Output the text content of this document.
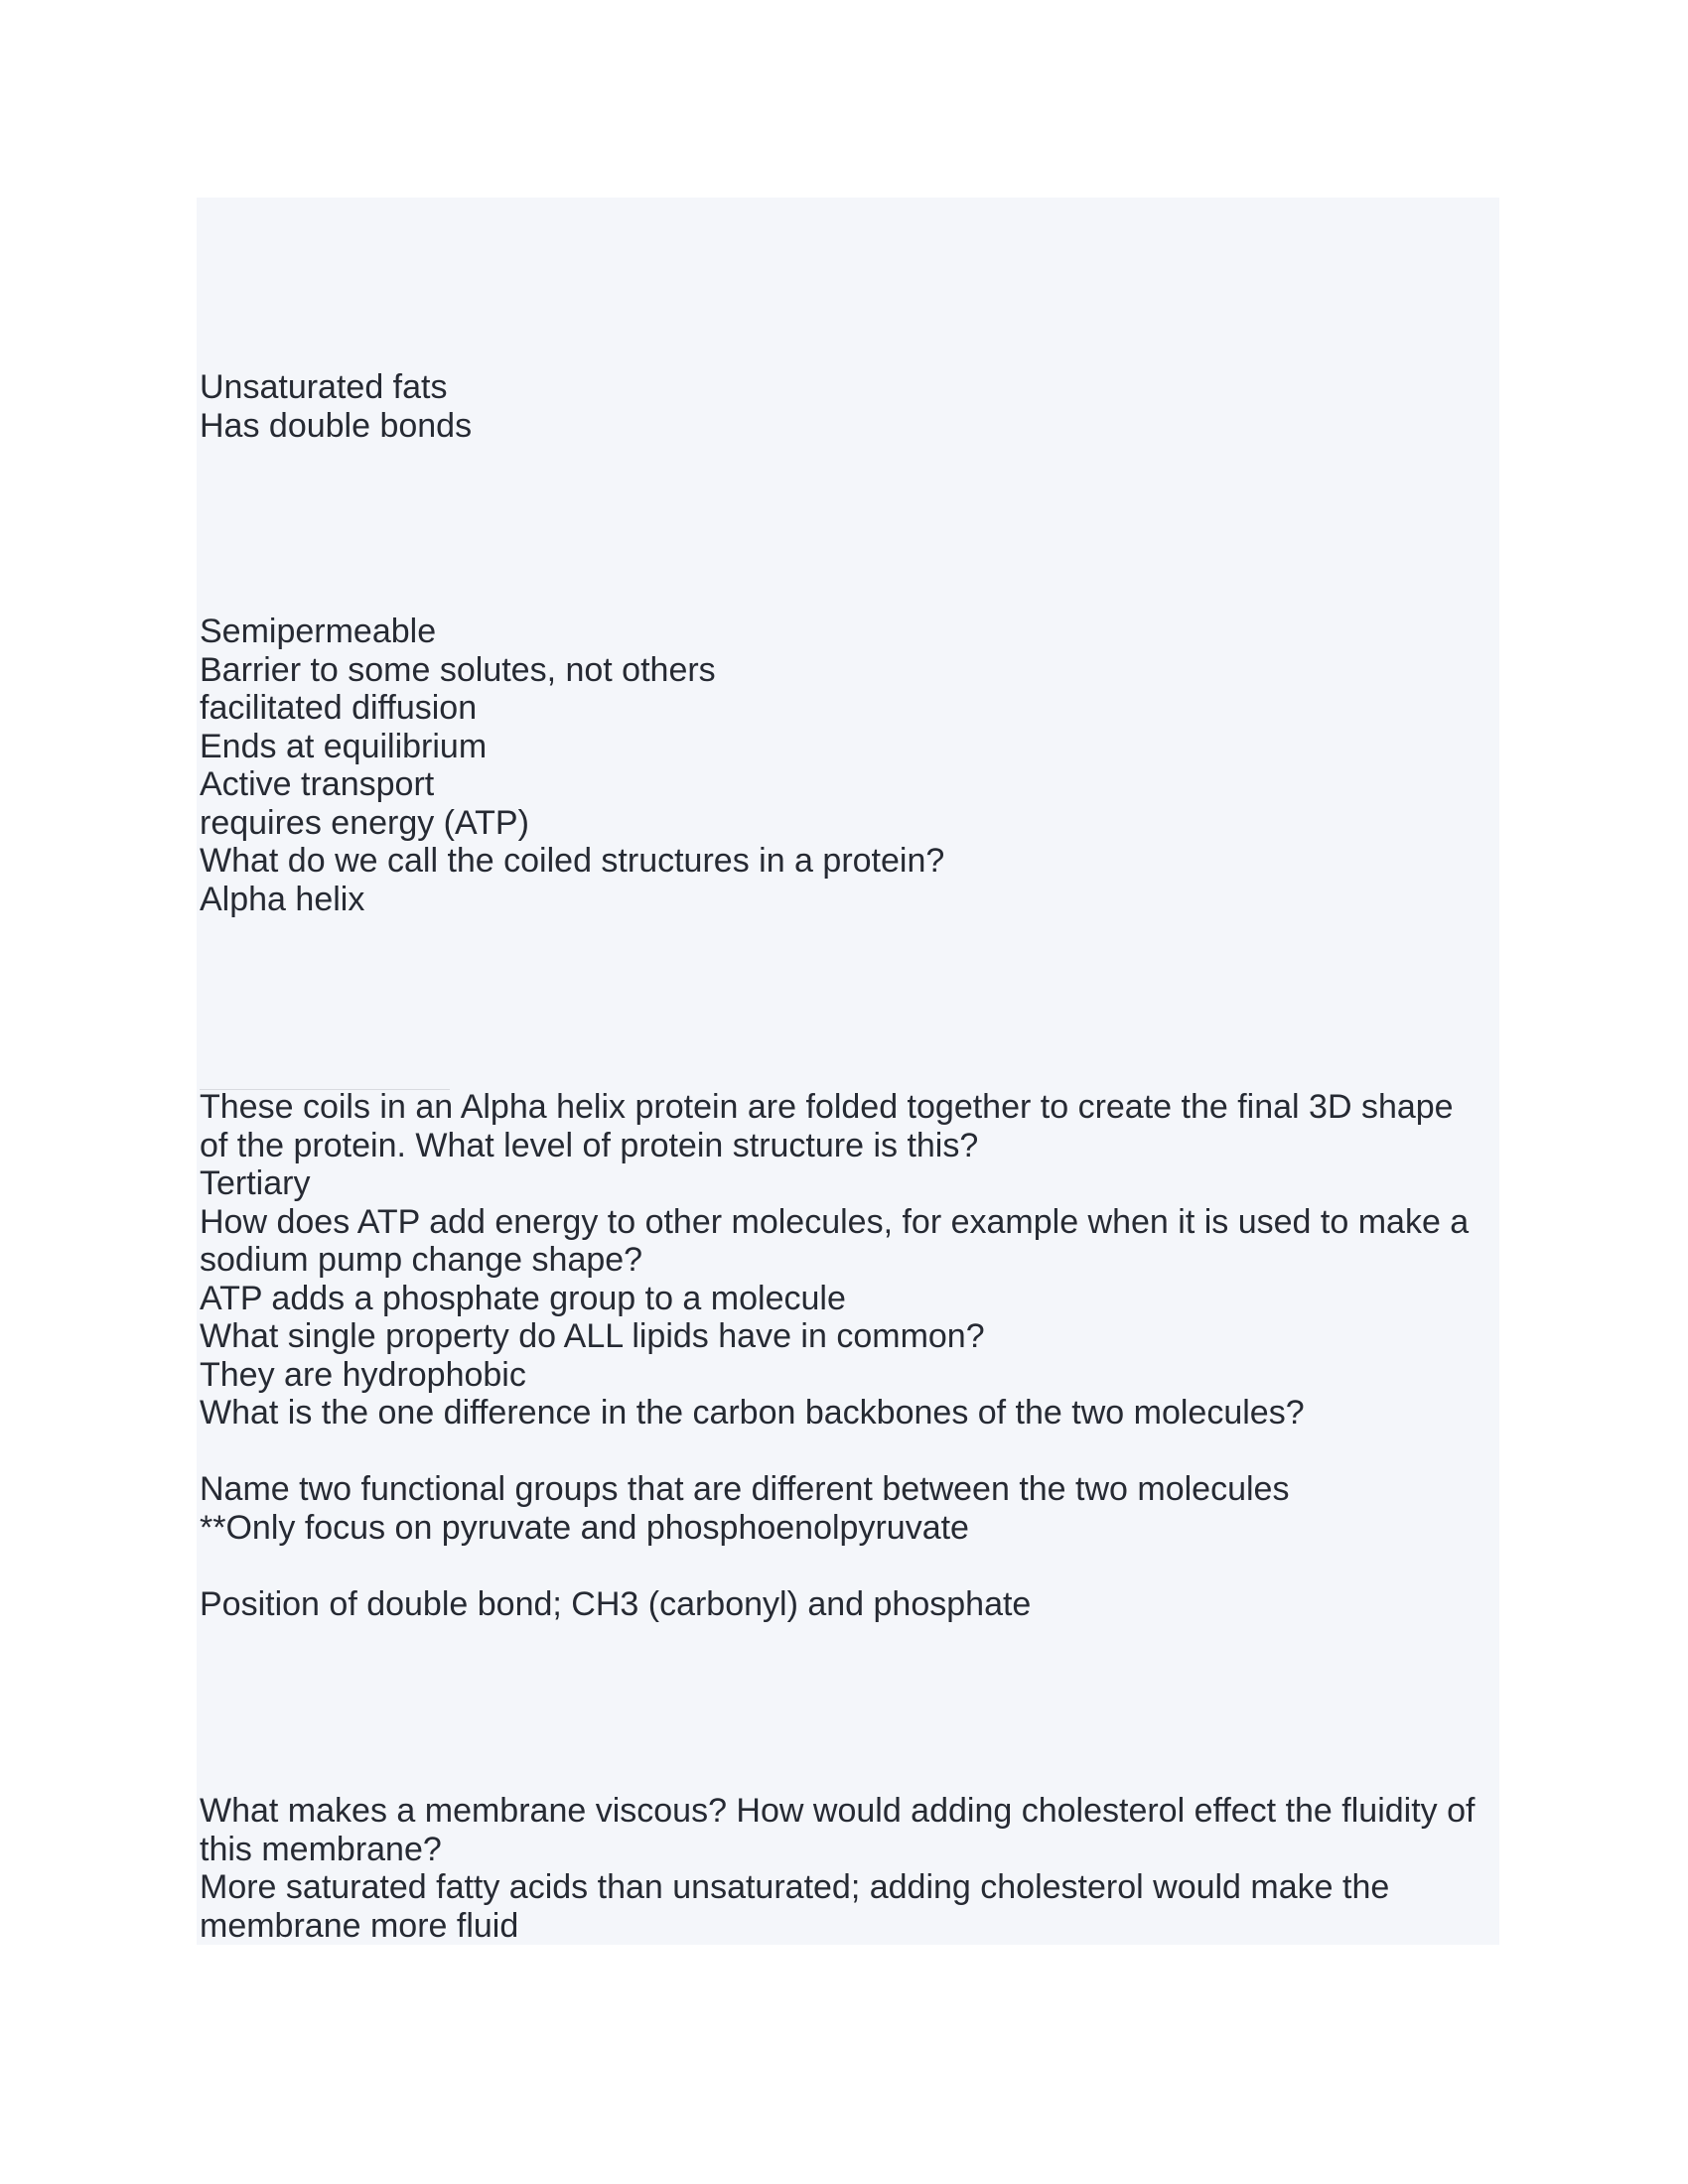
Unsaturated fats
Has double bonds
Semipermeable
Barrier to some solutes, not others
facilitated diffusion
Ends at equilibrium
Active transport
requires energy (ATP)
What do we call the coiled structures in a protein?
Alpha helix
These coils in an Alpha helix protein are folded together to create the final 3D shape of the protein. What level of protein structure is this?
Tertiary
How does ATP add energy to other molecules, for example when it is used to make a sodium pump change shape?
ATP adds a phosphate group to a molecule
What single property do ALL lipids have in common?
They are hydrophobic
What is the one difference in the carbon backbones of the two molecules?
Name two functional groups that are different between the two molecules
**Only focus on pyruvate and phosphoenolpyruvate
Position of double bond; CH3 (carbonyl) and phosphate
What makes a membrane viscous? How would adding cholesterol effect the fluidity of this membrane?
More saturated fatty acids than unsaturated; adding cholesterol would make the membrane more fluid
